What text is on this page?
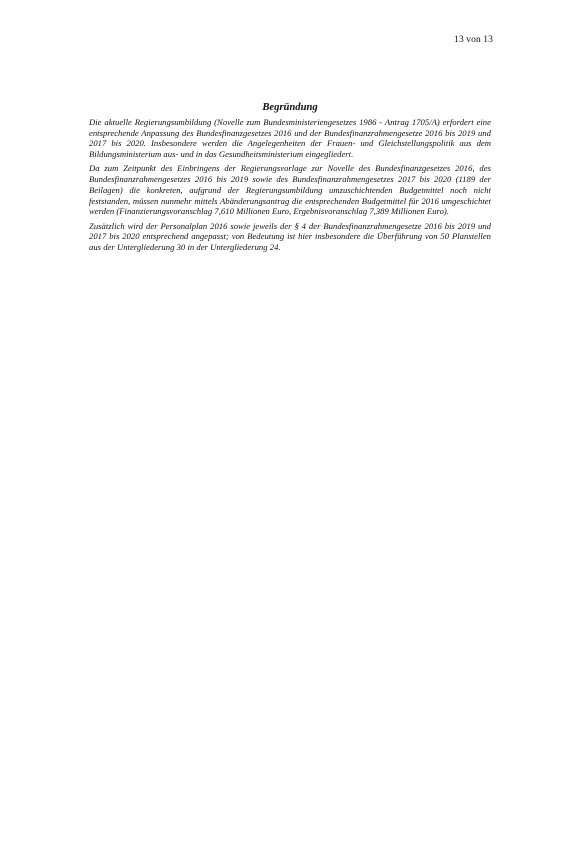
13 von 13
Begründung

Die aktuelle Regierungsumbildung (Novelle zum Bundesministeriengesetzes 1986 - Antrag 1705/A) erfordert eine entsprechende Anpassung des Bundesfinanzgesetzes 2016 und der Bundesfinanzrahmengesetze 2016 bis 2019 und 2017 bis 2020. Insbesondere werden die Angelegenheiten der Frauen- und Gleichstellungspolitik aus dem Bildungsministerium aus- und in das Gesundheitsministerium eingegliedert.

Da zum Zeitpunkt des Einbringens der Regierungsvorlage zur Novelle des Bundesfinanzgesetzes 2016, des Bundesfinanzrahmengesetzes 2016 bis 2019 sowie des Bundesfinanzrahmengesetzes 2017 bis 2020 (1189 der Beilagen) die konkreten, aufgrund der Regierungsumbildung umzuschichtenden Budgetmittel noch nicht feststanden, müssen nunmehr mittels Abänderungsantrag die entsprechenden Budgetmittel für 2016 umgeschichtet werden (Finanzierungsvoranschlag 7,610 Millionen Euro, Ergebnisvoranschlag 7,389 Millionen Euro).

Zusätzlich wird der Personalplan 2016 sowie jeweils der § 4 der Bundesfinanzrahmengesetze 2016 bis 2019 und 2017 bis 2020 entsprechend angepasst; von Bedeutung ist hier insbesondere die Überführung von 50 Planstellen aus der Untergliederung 30 in der Untergliederung 24.
